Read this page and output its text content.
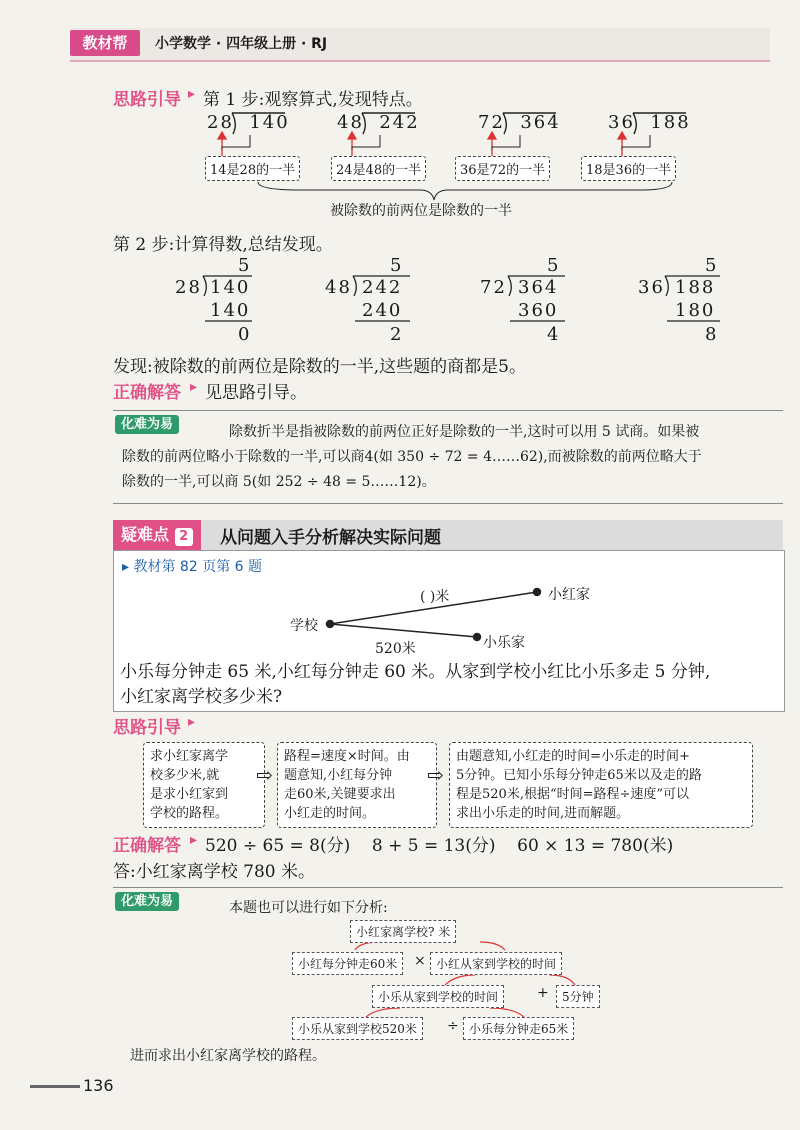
教材帮	小学数学 · 四年级上册 · RJ
思路引导 ▸ 第 1 步:观察算式,发现特点。
28 140	48 242	72 364	36 188
14是28的一半	24是48的一半	36是72的一半	18是36的一半
被除数的前两位是除数的一半
第 2 步:计算得数,总结发现。
5
28 140
140
0
5
48 242
240
2
5
72 364
360
4
5
36 188
180
8
发现:被除数的前两位是除数的一半,这些题的商都是5。
正确解答 ▸ 见思路引导。
化难为易	除数折半是指被除数的前两位正好是除数的一半,这时可以用 5 试商。如果被
除数的前两位略小于除数的一半,可以商4(如 350 ÷ 72 = 4……62),而被除数的前两位略大于
除数的一半,可以商 5(如 252 ÷ 48 = 5……12)。
疑难点 2	从问题入手分析解决实际问题
▸ 教材第 82 页第 6 题
学校
小红家
小乐家
( )米
520米
小乐每分钟走 65 米,小红每分钟走 60 米。从家到学校小红比小乐多走 5 分钟,
小红家离学校多少米?
思路引导 ▸
求小红家离学
校多少米,就
是求小红家到
学校的路程。
⇨
路程=速度×时间。由
题意知,小红每分钟
走60米,关键要求出
小红走的时间。
⇨
由题意知,小红走的时间=小乐走的时间+
5分钟。已知小乐每分钟走65米以及走的路
程是520米,根据“时间=路程÷速度”可以
求出小乐走的时间,进而解题。
正确解答 ▸ 520 ÷ 65 = 8(分)    8 + 5 = 13(分)    60 × 13 = 780(米)
答:小红家离学校 780 米。
化难为易	本题也可以进行如下分析:
小红家离学校? 米
小红每分钟走60米	× 小红从家到学校的时间
小乐从家到学校的时间	+	5分钟
小乐从家到学校520米	÷ 小乐每分钟走65米
进而求出小红家离学校的路程。
136
